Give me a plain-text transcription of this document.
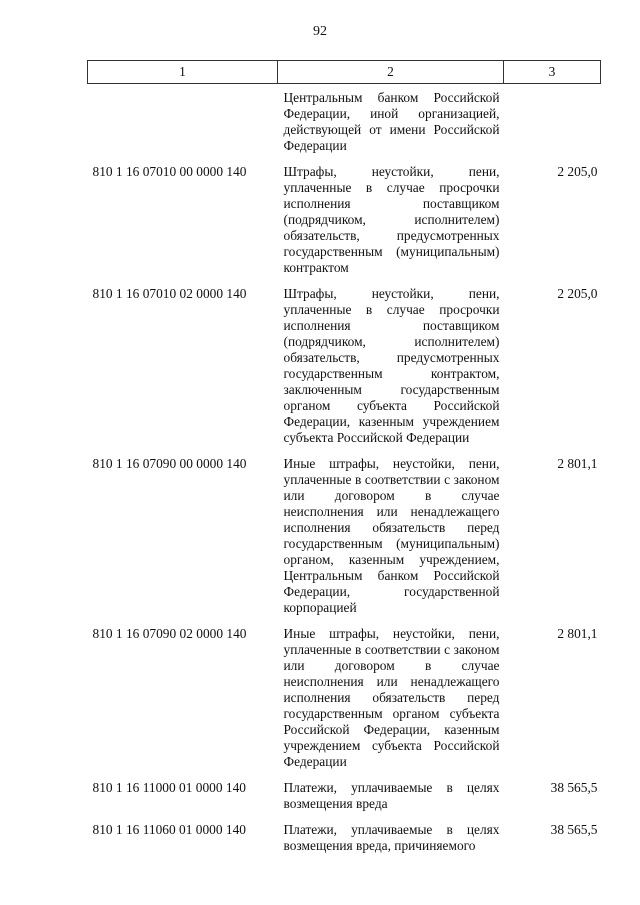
92
1	2	3
	Центральным банком Российской Федерации, иной организацией, действующей от имени Российской Федерации	
810 1 16 07010 00 0000 140	Штрафы, неустойки, пени, уплаченные в случае просрочки исполнения поставщиком (подрядчиком, исполнителем) обязательств, предусмотренных государственным (муниципальным) контрактом	2 205,0
810 1 16 07010 02 0000 140	Штрафы, неустойки, пени, уплаченные в случае просрочки исполнения поставщиком (подрядчиком, исполнителем) обязательств, предусмотренных государственным контрактом, заключенным государственным органом субъекта Российской Федерации, казенным учреждением субъекта Российской Федерации	2 205,0
810 1 16 07090 00 0000 140	Иные штрафы, неустойки, пени, уплаченные в соответствии с законом или договором в случае неисполнения или ненадлежащего исполнения обязательств перед государственным (муниципальным) органом, казенным учреждением, Центральным банком Российской Федерации, государственной корпорацией	2 801,1
810 1 16 07090 02 0000 140	Иные штрафы, неустойки, пени, уплаченные в соответствии с законом или договором в случае неисполнения или ненадлежащего исполнения обязательств перед государственным органом субъекта Российской Федерации, казенным учреждением субъекта Российской Федерации	2 801,1
810 1 16 11000 01 0000 140	Платежи, уплачиваемые в целях возмещения вреда	38 565,5
810 1 16 11060 01 0000 140	Платежи, уплачиваемые в целях возмещения вреда, причиняемого	38 565,5
